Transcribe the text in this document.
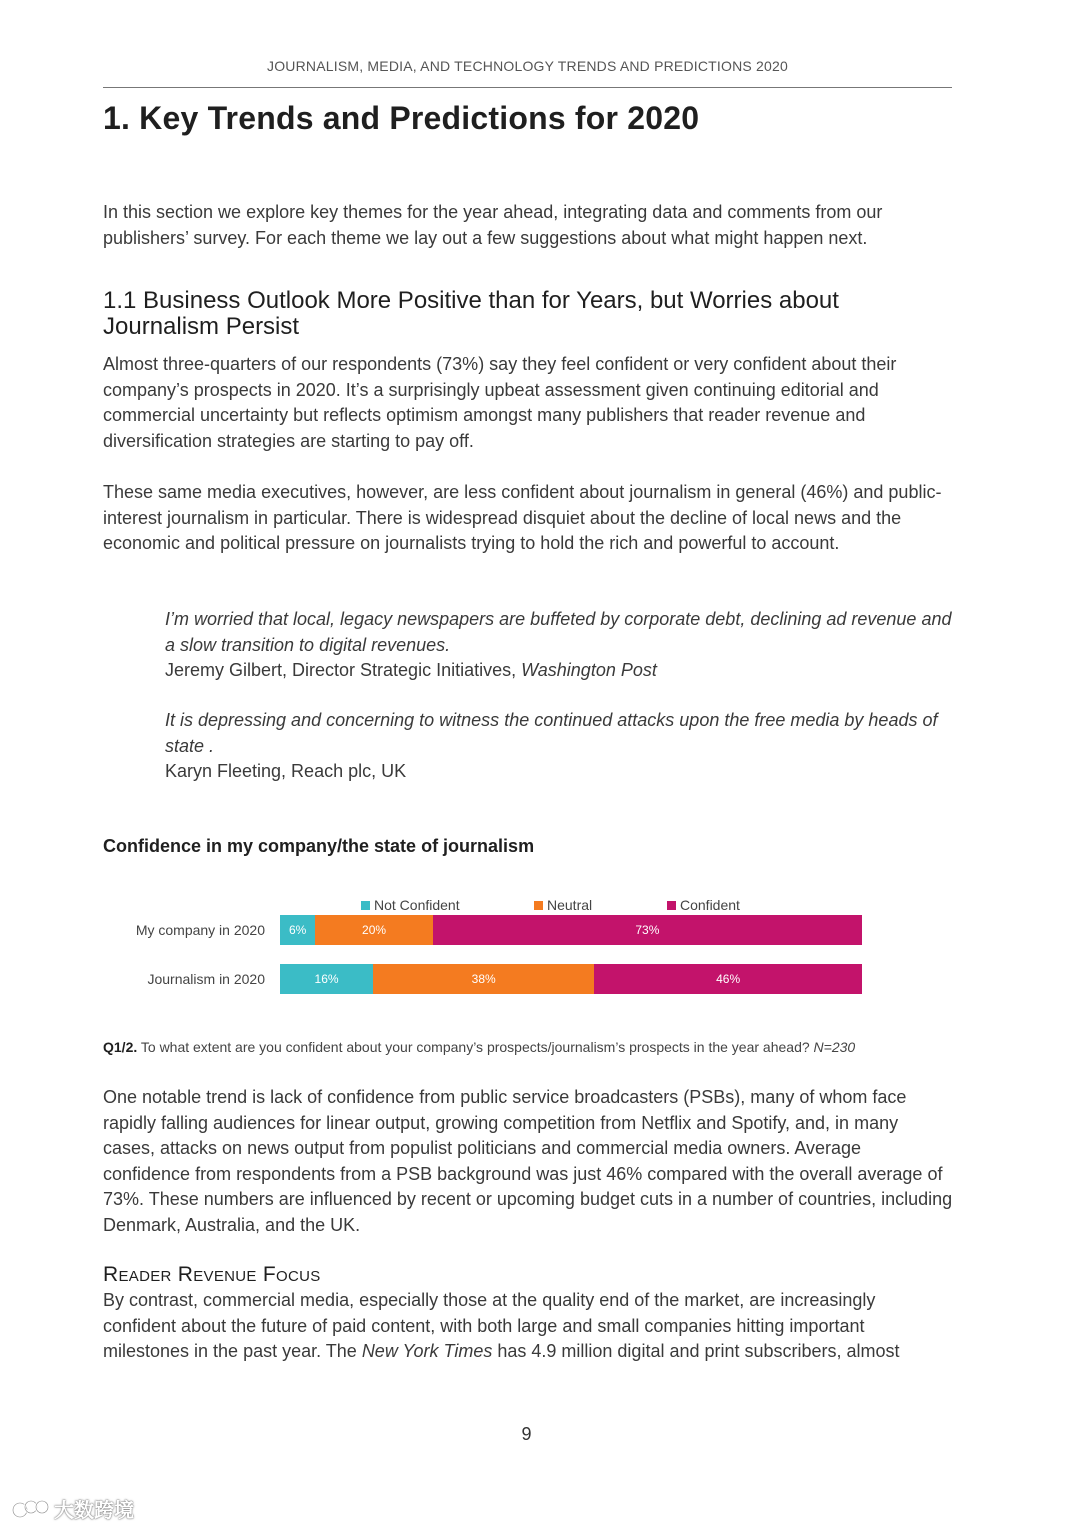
JOURNALISM, MEDIA, AND TECHNOLOGY TRENDS AND PREDICTIONS 2020
1. Key Trends and Predictions for 2020

In this section we explore key themes for the year ahead, integrating data and comments from our publishers’ survey. For each theme we lay out a few suggestions about what might happen next.

1.1 Business Outlook More Positive than for Years, but Worries about Journalism Persist

Almost three-quarters of our respondents (73%) say they feel confident or very confident about their company’s prospects in 2020. It’s a surprisingly upbeat assessment given continuing editorial and commercial uncertainty but reflects optimism amongst many publishers that reader revenue and diversification strategies are starting to pay off.

These same media executives, however, are less confident about journalism in general (46%) and public-interest journalism in particular. There is widespread disquiet about the decline of local news and the economic and political pressure on journalists trying to hold the rich and powerful to account.

I’m worried that local, legacy newspapers are buffeted by corporate debt, declining ad revenue and a slow transition to digital revenues.

Jeremy Gilbert, Director Strategic Initiatives, Washington Post

It is depressing and concerning to witness the continued attacks upon the free media by heads of state .

Karyn Fleeting, Reach plc, UK

Confidence in my company/the state of journalism
Not Confident	Neutral	Confident
My company in 2020 6%	20%	73%
Journalism in 2020	16%	38%	46%

Q1/2. To what extent are you confident about your company’s prospects/journalism’s prospects in the year ahead? N=230

One notable trend is lack of confidence from public service broadcasters (PSBs), many of whom face rapidly falling audiences for linear output, growing competition from Netflix and Spotify, and, in many cases, attacks on news output from populist politicians and commercial media owners. Average confidence from respondents from a PSB background was just 46% compared with the overall average of 73%. These numbers are influenced by recent or upcoming budget cuts in a number of countries, including Denmark, Australia, and the UK.

Reader Revenue Focus

By contrast, commercial media, especially those at the quality end of the market, are increasingly confident about the future of paid content, with both large and small companies hitting important milestones in the past year. The New York Times has 4.9 million digital and print subscribers, almost

9
大数跨境
